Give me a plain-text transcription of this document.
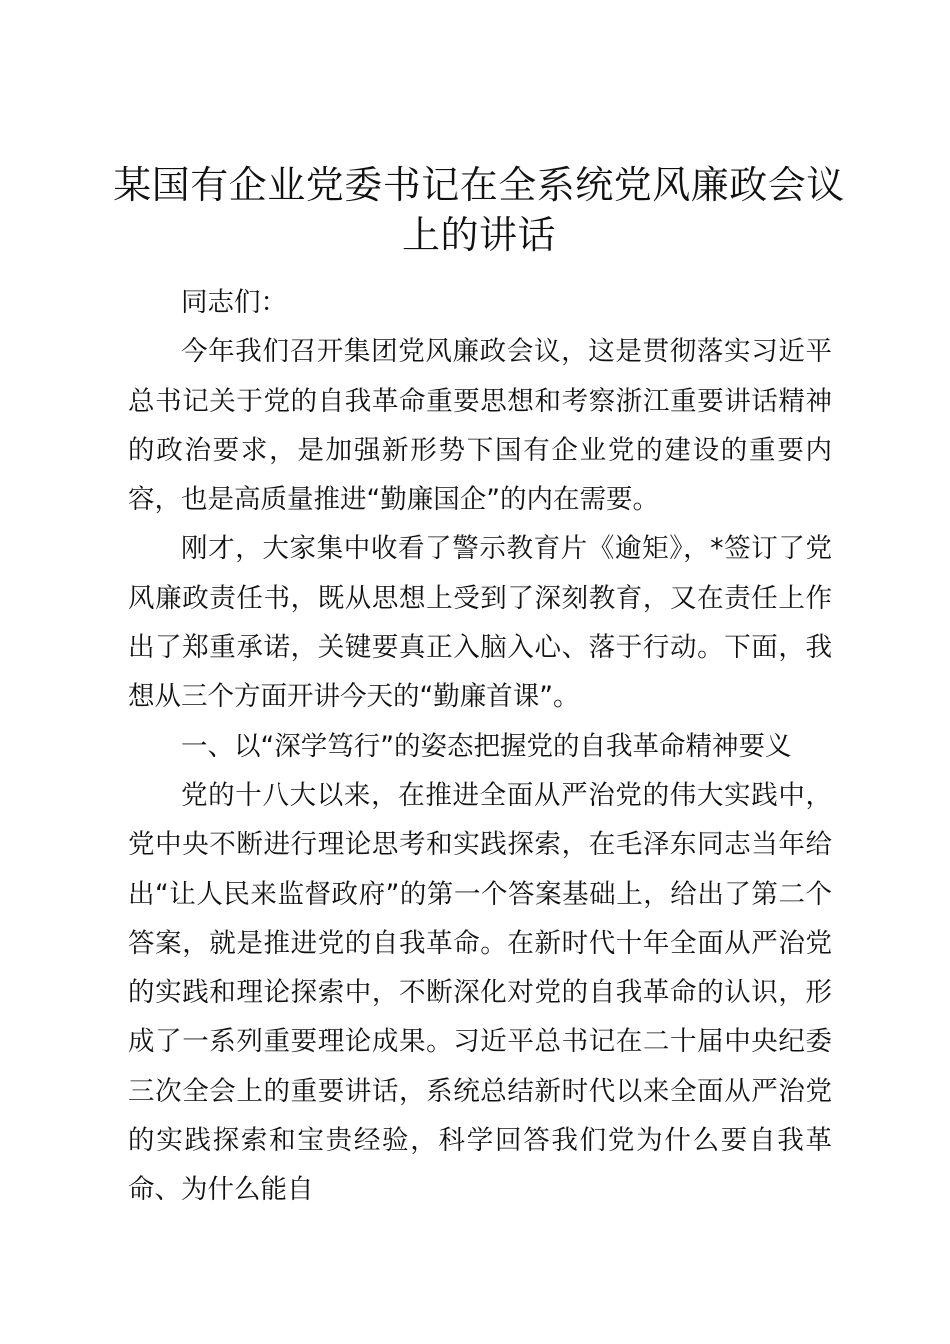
某国有企业党委书记在全系统党风廉政会议上的讲话

同志们：

今年我们召开集团党风廉政会议，这是贯彻落实习近平总书记关于党的自我革命重要思想和考察浙江重要讲话精神的政治要求，是加强新形势下国有企业党的建设的重要内容，也是高质量推进“勤廉国企”的内在需要。

刚才，大家集中收看了警示教育片《逾矩》，*签订了党风廉政责任书，既从思想上受到了深刻教育，又在责任上作出了郑重承诺，关键要真正入脑入心、落于行动。下面，我想从三个方面开讲今天的“勤廉首课”。

一、以“深学笃行”的姿态把握党的自我革命精神要义

党的十八大以来，在推进全面从严治党的伟大实践中，党中央不断进行理论思考和实践探索，在毛泽东同志当年给出“让人民来监督政府”的第一个答案基础上，给出了第二个答案，就是推进党的自我革命。在新时代十年全面从严治党的实践和理论探索中，不断深化对党的自我革命的认识，形成了一系列重要理论成果。习近平总书记在二十届中央纪委三次全会上的重要讲话，系统总结新时代以来全面从严治党的实践探索和宝贵经验，科学回答我们党为什么要自我革命、为什么能自
